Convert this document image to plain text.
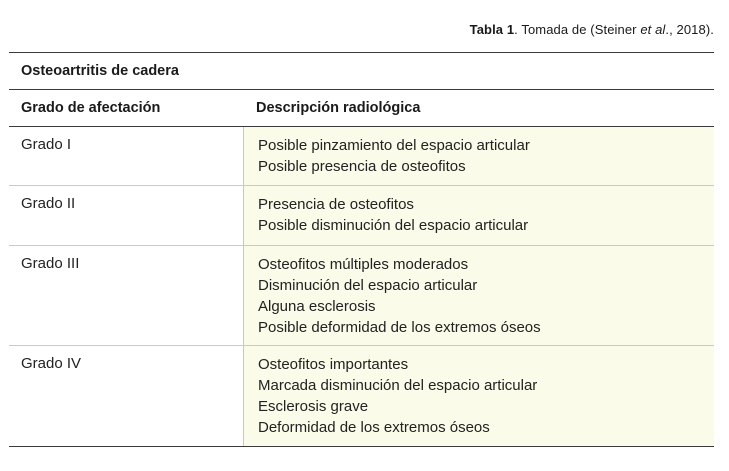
Tabla 1. Tomada de (Steiner et al., 2018).
Osteoartritis de cadera
Grado de afectación	Descripción radiológica
Grado I	Posible pinzamiento del espacio articular
Posible presencia de osteofitos
Grado II	Presencia de osteofitos
Posible disminución del espacio articular
Grado III	Osteofitos múltiples moderados
Disminución del espacio articular
Alguna esclerosis
Posible deformidad de los extremos óseos
Grado IV	Osteofitos importantes
Marcada disminución del espacio articular
Esclerosis grave
Deformidad de los extremos óseos
